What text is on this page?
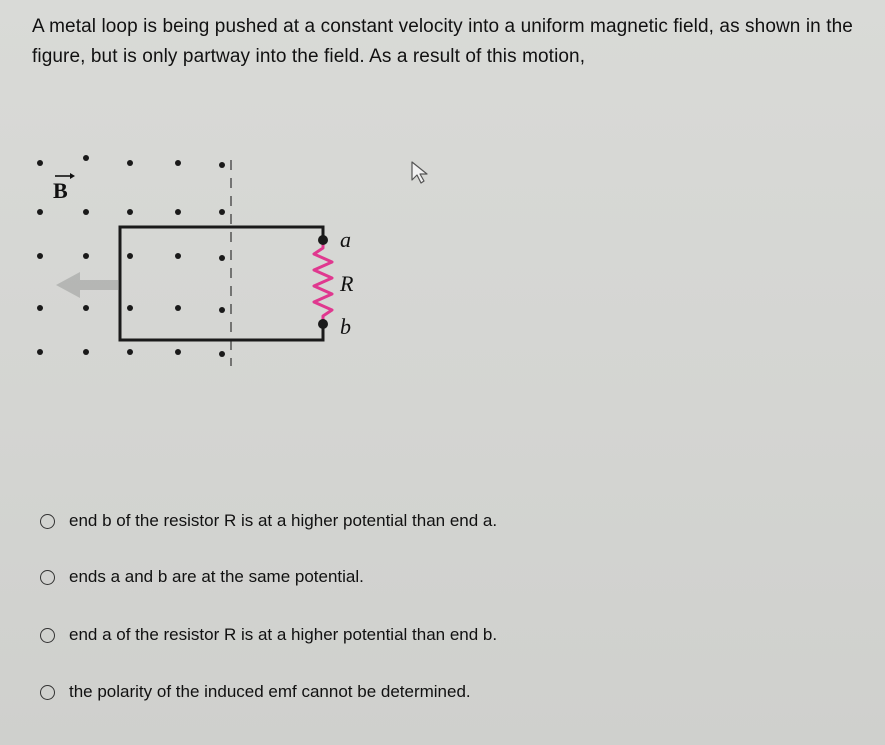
A metal loop is being pushed at a constant velocity into a uniform magnetic field, as shown in the
figure, but is only partway into the field. As a result of this motion,
B
a
R
b
end b of the resistor R is at a higher potential than end a.
ends a and b are at the same potential.
end a of the resistor R is at a higher potential than end b.
the polarity of the induced emf cannot be determined.
